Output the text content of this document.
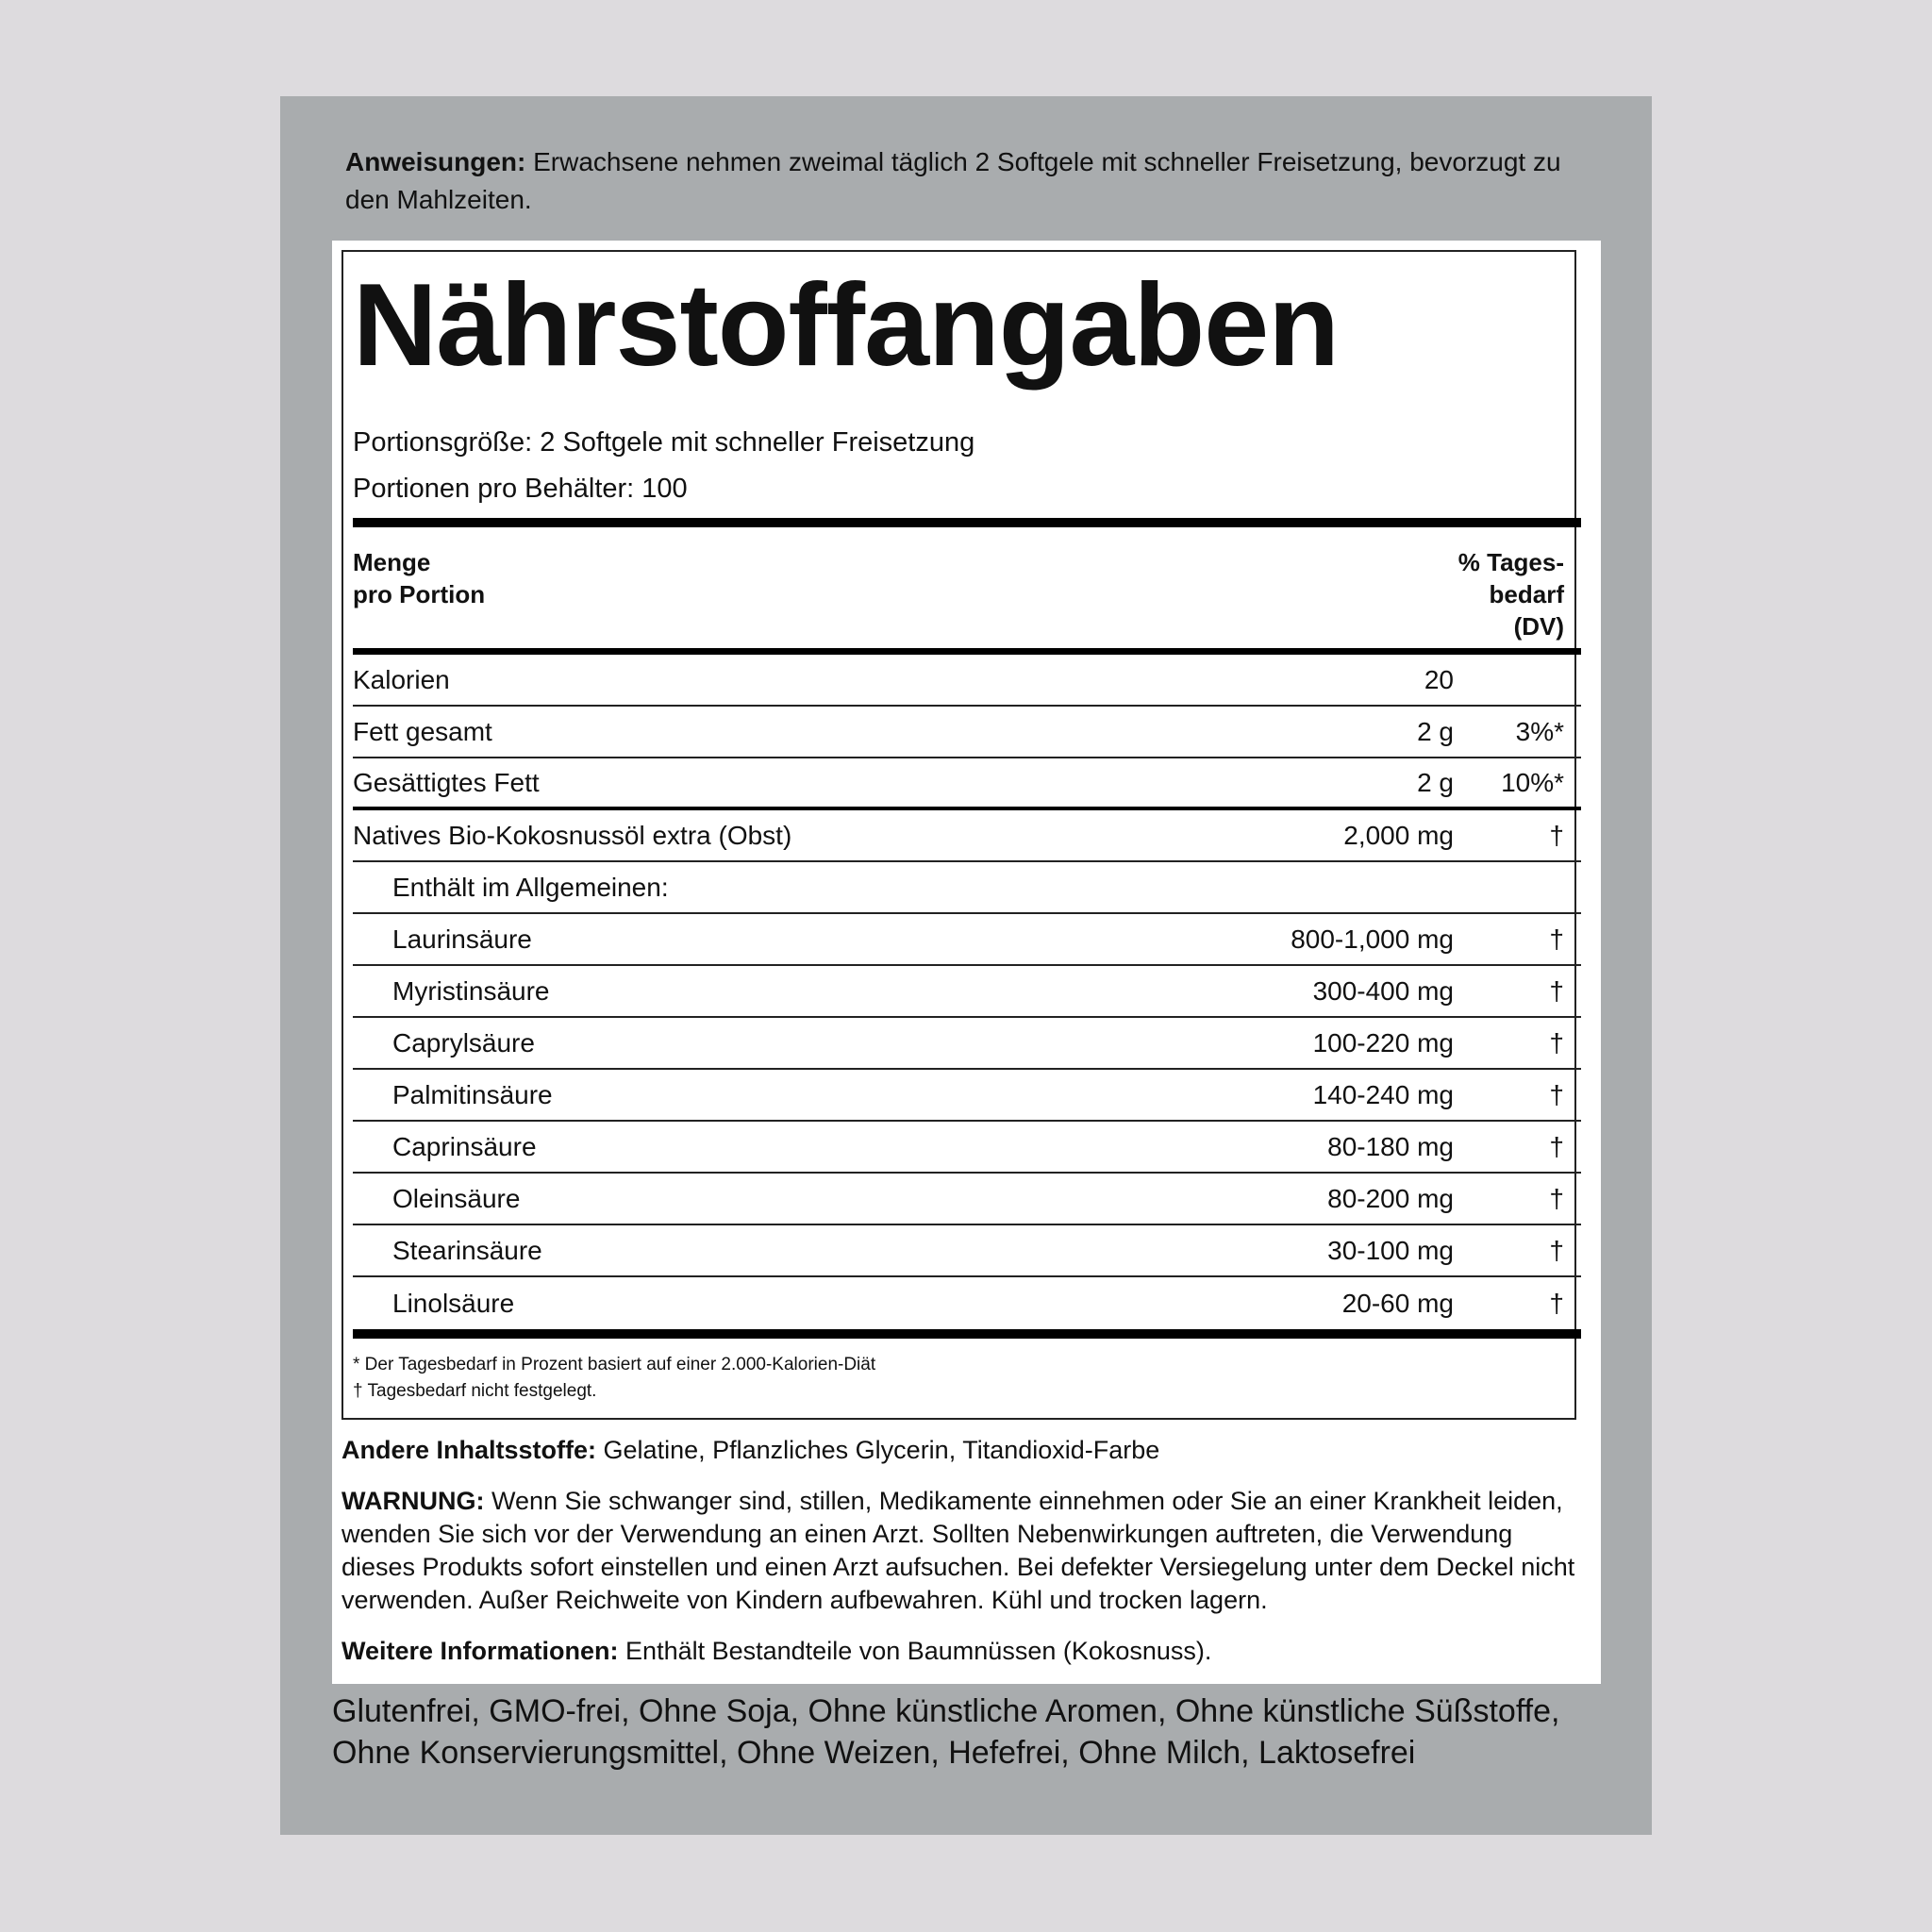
Anweisungen: Erwachsene nehmen zweimal täglich 2 Softgele mit schneller Freisetzung, bevorzugt zu den Mahlzeiten.
Nährstoffangaben
Portionsgröße: 2 Softgele mit schneller Freisetzung
Portionen pro Behälter: 100
Menge
pro Portion
% Tages-
bedarf
(DV)
Kalorien	20
Fett gesamt	2 g	3%*
Gesättigtes Fett	2 g	10%*
Natives Bio-Kokosnussöl extra (Obst)	2,000 mg	†
Enthält im Allgemeinen:
Laurinsäure	800-1,000 mg	†
Myristinsäure	300-400 mg	†
Caprylsäure	100-220 mg	†
Palmitinsäure	140-240 mg	†
Caprinsäure	80-180 mg	†
Oleinsäure	80-200 mg	†
Stearinsäure	30-100 mg	†
Linolsäure	20-60 mg	†
* Der Tagesbedarf in Prozent basiert auf einer 2.000-Kalorien-Diät
† Tagesbedarf nicht festgelegt.

Andere Inhaltsstoffe: Gelatine, Pflanzliches Glycerin, Titandioxid-Farbe

WARNUNG: Wenn Sie schwanger sind, stillen, Medikamente einnehmen oder Sie an einer Krankheit leiden, wenden Sie sich vor der Verwendung an einen Arzt. Sollten Nebenwirkungen auftreten, die Verwendung dieses Produkts sofort einstellen und einen Arzt aufsuchen. Bei defekter Versiegelung unter dem Deckel nicht verwenden. Außer Reichweite von Kindern aufbewahren. Kühl und trocken lagern.

Weitere Informationen: Enthält Bestandteile von Baumnüssen (Kokosnuss).

Glutenfrei, GMO-frei, Ohne Soja, Ohne künstliche Aromen, Ohne künstliche Süßstoffe, Ohne Konservierungsmittel, Ohne Weizen, Hefefrei, Ohne Milch, Laktosefrei
